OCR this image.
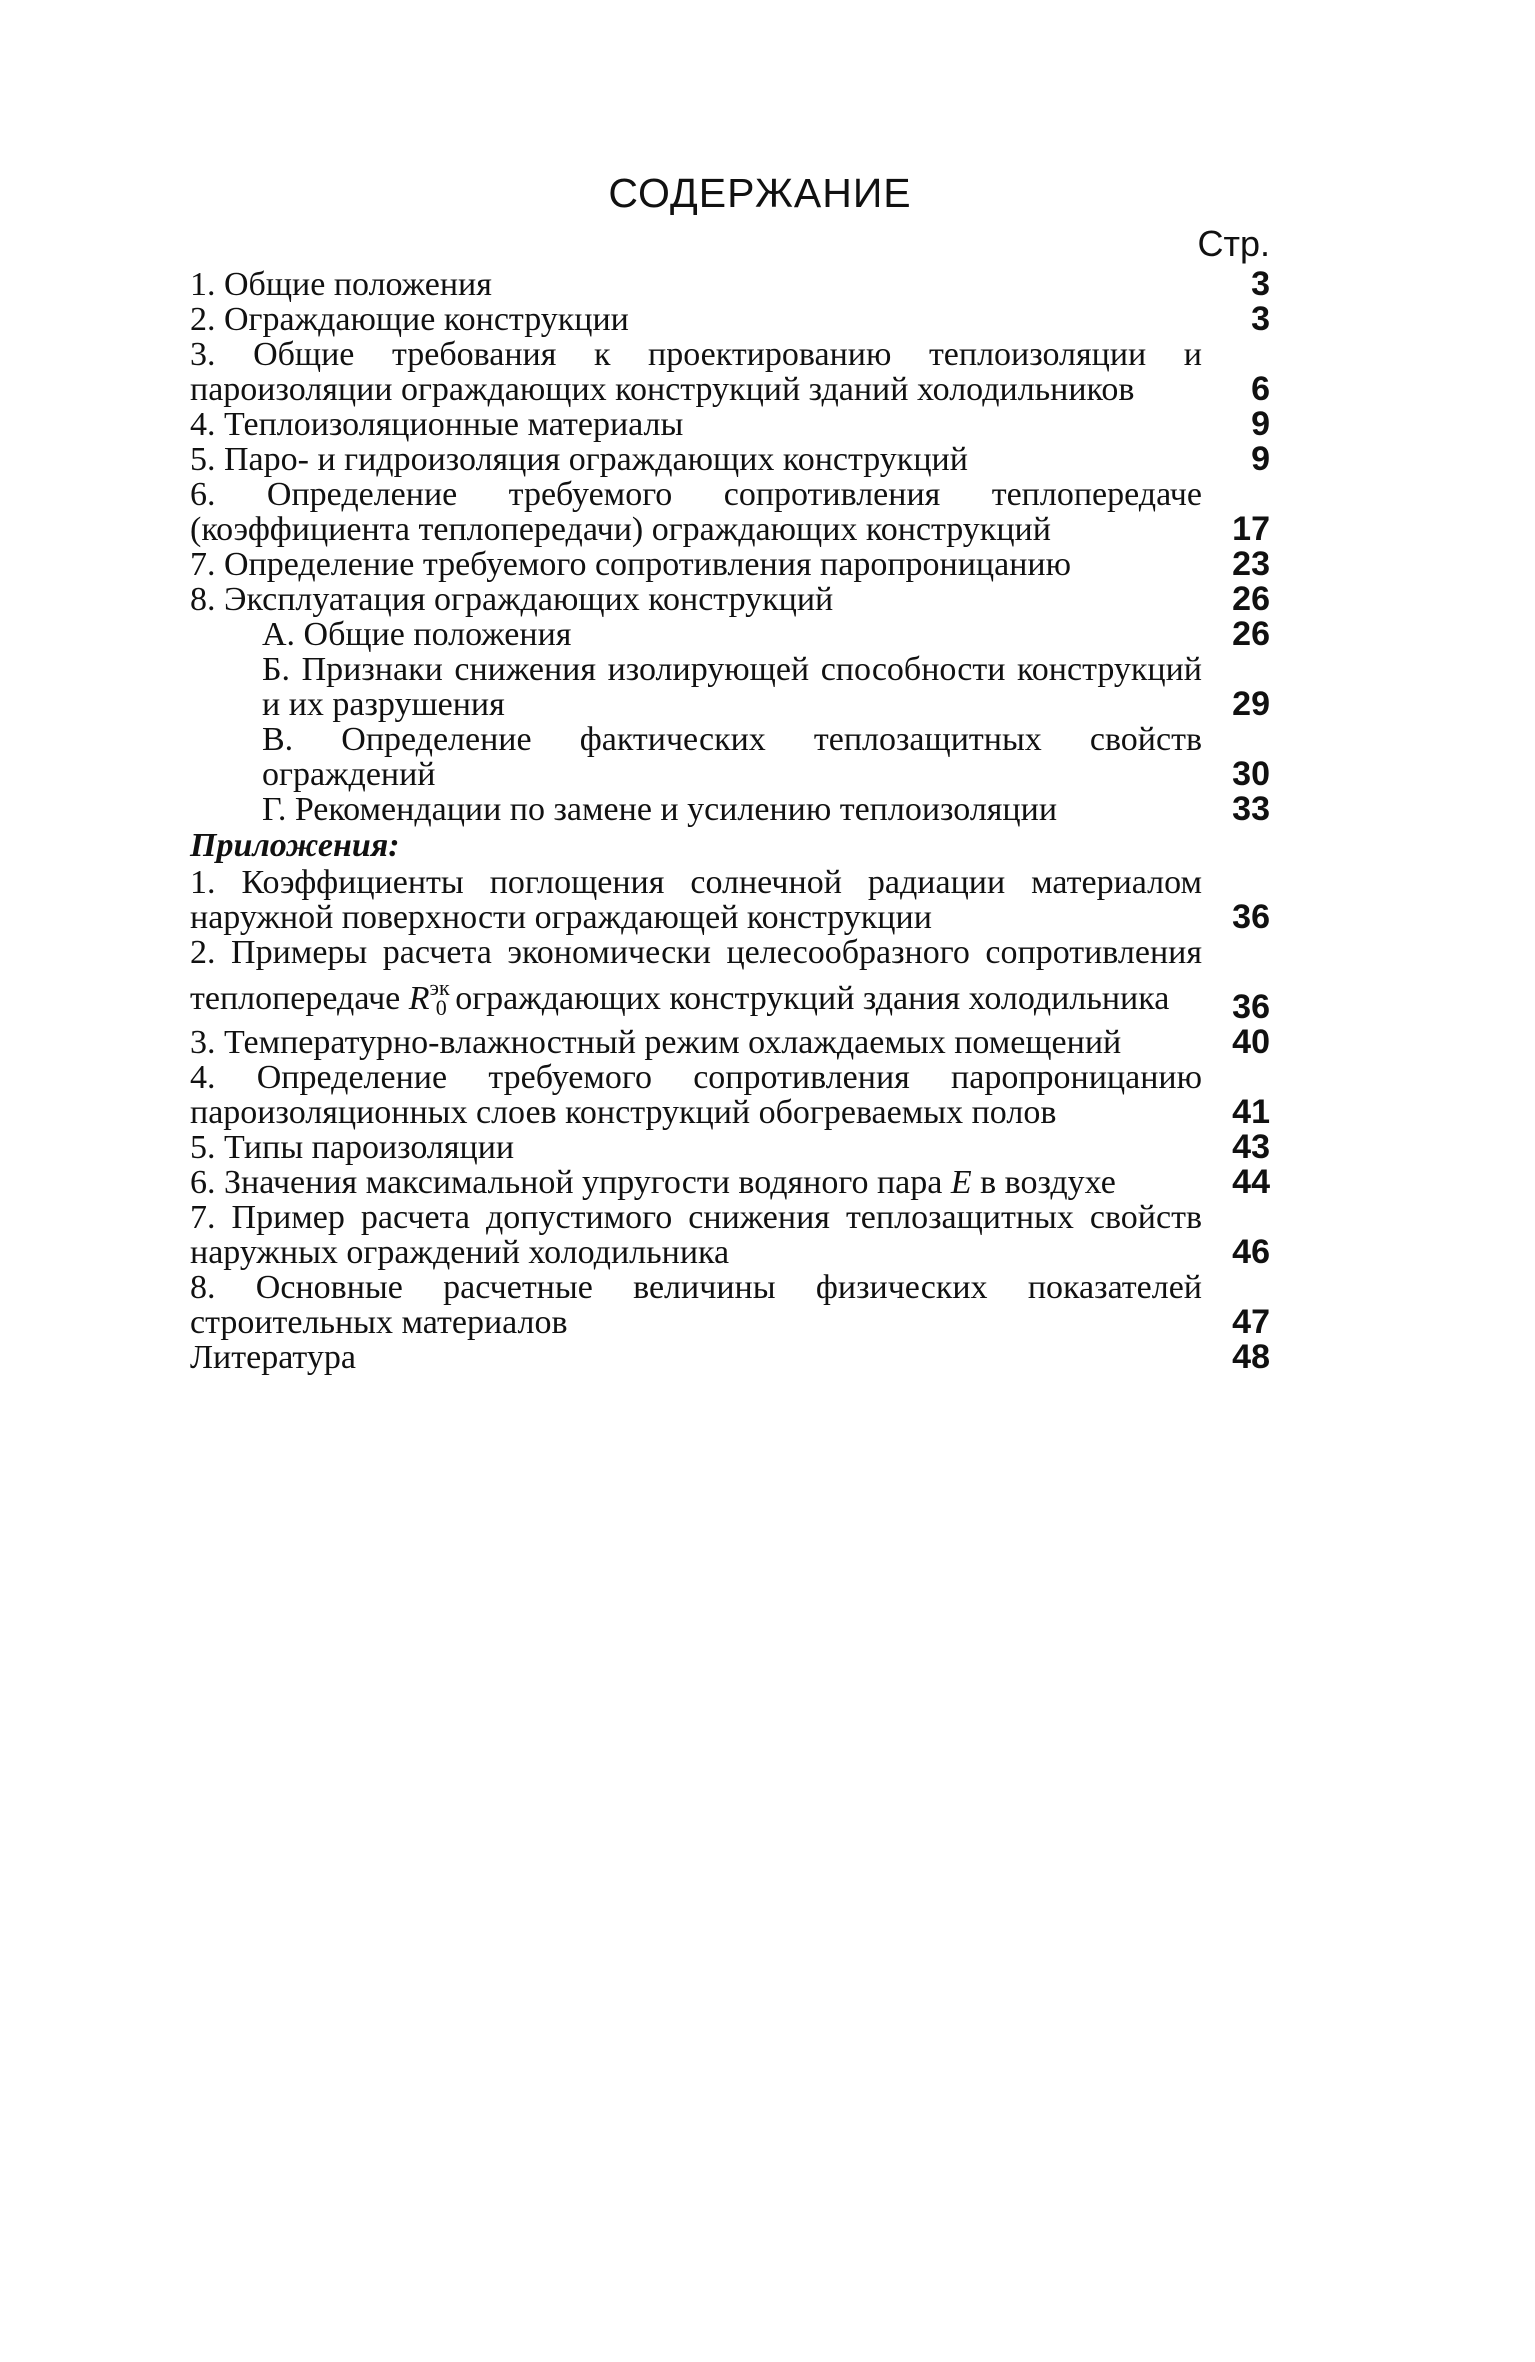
СОДЕРЖАНИЕ
Стр.
1. Общие положения	3
2. Ограждающие конструкции	3
3. Общие требования к проектированию теплоизоляции и пароизоляции ограждающих конструкций зданий холодильников	6
4. Теплоизоляционные материалы	9
5. Паро- и гидроизоляция ограждающих конструкций	9
6. Определение требуемого сопротивления теплопередаче (коэффициента теплопередачи) ограждающих конструкций	17
7. Определение требуемого сопротивления паропроницанию	23
8. Эксплуатация ограждающих конструкций	26
А. Общие положения	26
Б. Признаки снижения изолирующей способности конструкций и их разрушения	29
В. Определение фактических теплозащитных свойств ограждений	30
Г. Рекомендации по замене и усилению теплоизоляции	33
Приложения:
1. Коэффициенты поглощения солнечной радиации материалом наружной поверхности ограждающей конструкции	36
2. Примеры расчета экономически целесообразного сопротивления теплопередаче $R^{эк}0$ ограждающих конструкций здания холодильника	36
3. Температурно-влажностный режим охлаждаемых помещений	40
4. Определение требуемого сопротивления паропроницанию пароизоляционных слоев конструкций обогреваемых полов	41
5. Типы пароизоляции	43
6. Значения максимальной упругости водяного пара E в воздухе	44
7. Пример расчета допустимого снижения теплозащитных свойств наружных ограждений холодильника	46
8. Основные расчетные величины физических показателей строительных материалов	47
Литература	48
